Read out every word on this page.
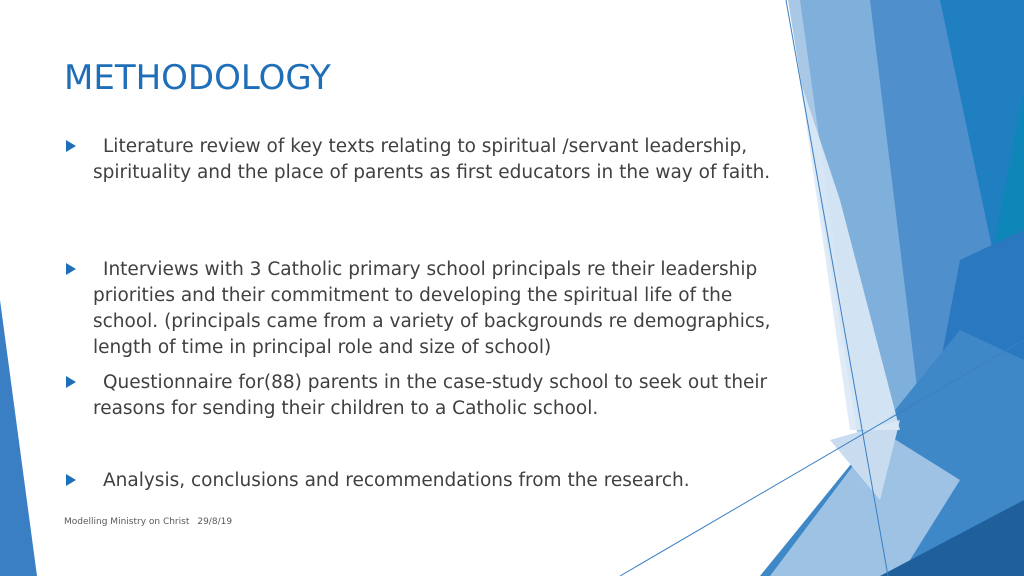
METHODOLOGY
Literature review of key texts relating to spiritual /servant leadership, spirituality and the place of parents as first educators in the way of faith.
Interviews with 3 Catholic primary school principals re their leadership priorities and their commitment to developing the spiritual life of the school. (principals came from a variety of backgrounds re demographics, length of time in principal role and size of school)
Questionnaire for(88) parents in the case-study school to seek out their reasons for sending their children to a Catholic school.
Analysis, conclusions and recommendations from the research.
Modelling Ministry on Christ 29/8/19
